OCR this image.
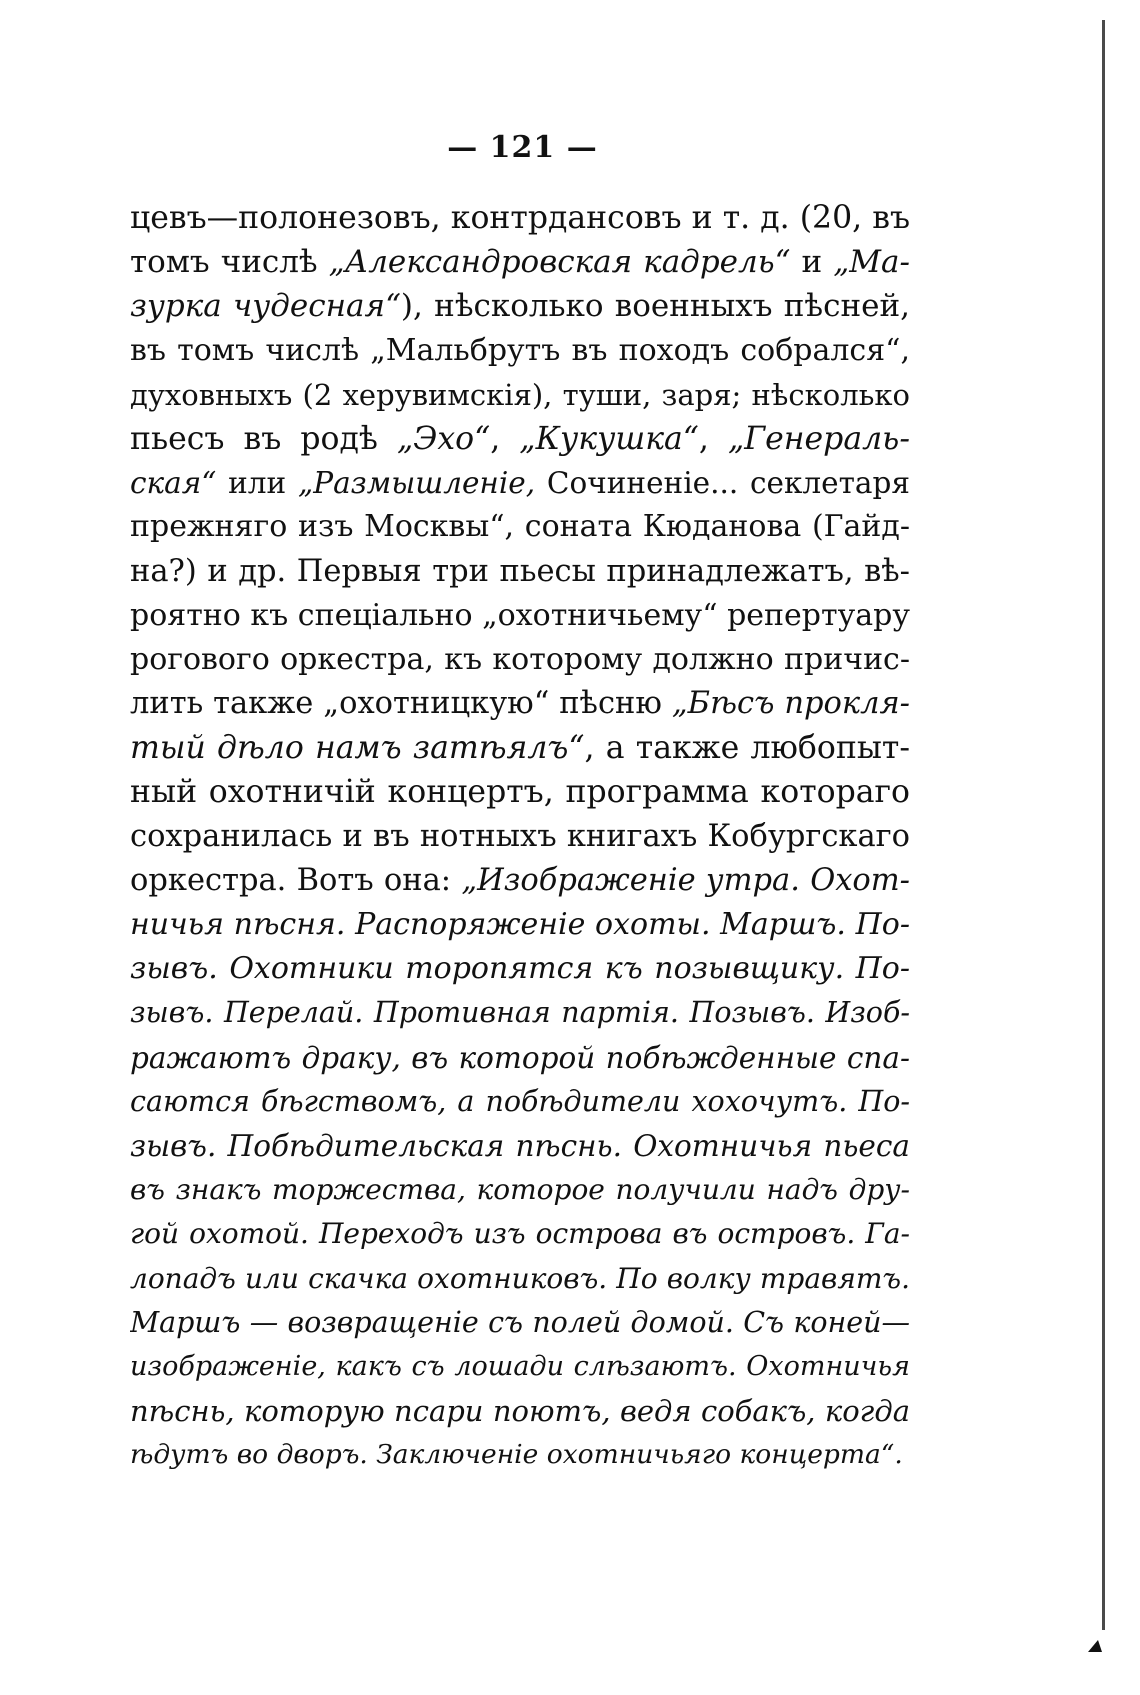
— 121 —
цевъ—полонезовъ, контрдансовъ и т. д. (20, въ
томъ числѣ „Александровская кадрель“ и „Ма-
зурка чудесная“), нѣсколько военныхъ пѣсней,
въ томъ числѣ „Мальбрутъ въ походъ собрался“,
духовныхъ (2 херувимскія), туши, заря; нѣсколько
пьесъ въ родѣ „Эхо“, „Кукушка“, „Генераль-
ская“ или „Размышленіе, Сочиненіе... секлетаря
прежняго изъ Москвы“, соната Кюданова (Гайд-
на?) и др. Первыя три пьесы принадлежатъ, вѣ-
роятно къ спеціально „охотничьему“ репертуару
рогового оркестра, къ которому должно причис-
лить также „охотницкую“ пѣсню „Бѣсъ прокля-
тый дѣло намъ затѣялъ“, а также любопыт-
ный охотничій концертъ, программа котораго
сохранилась и въ нотныхъ книгахъ Кобургскаго
оркестра. Вотъ она: „Изображеніе утра. Охот-
ничья пѣсня. Распоряженіе охоты. Маршъ. По-
зывъ. Охотники торопятся къ позывщику. По-
зывъ. Перелай. Противная партія. Позывъ. Изоб-
ражаютъ драку, въ которой побѣжденные спа-
саются бѣгствомъ, а побѣдители хохочутъ. По-
зывъ. Побѣдительская пѣснь. Охотничья пьеса
въ знакъ торжества, которое получили надъ дру-
гой охотой. Переходъ изъ острова въ островъ. Га-
лопадъ или скачка охотниковъ. По волку травятъ.
Маршъ — возвращеніе съ полей домой. Съ коней—
изображеніе, какъ съ лошади слѣзаютъ. Охотничья
пѣснь, которую псари поютъ, ведя собакъ, когда
ѣдутъ во дворъ. Заключеніе охотничьяго концерта“.
